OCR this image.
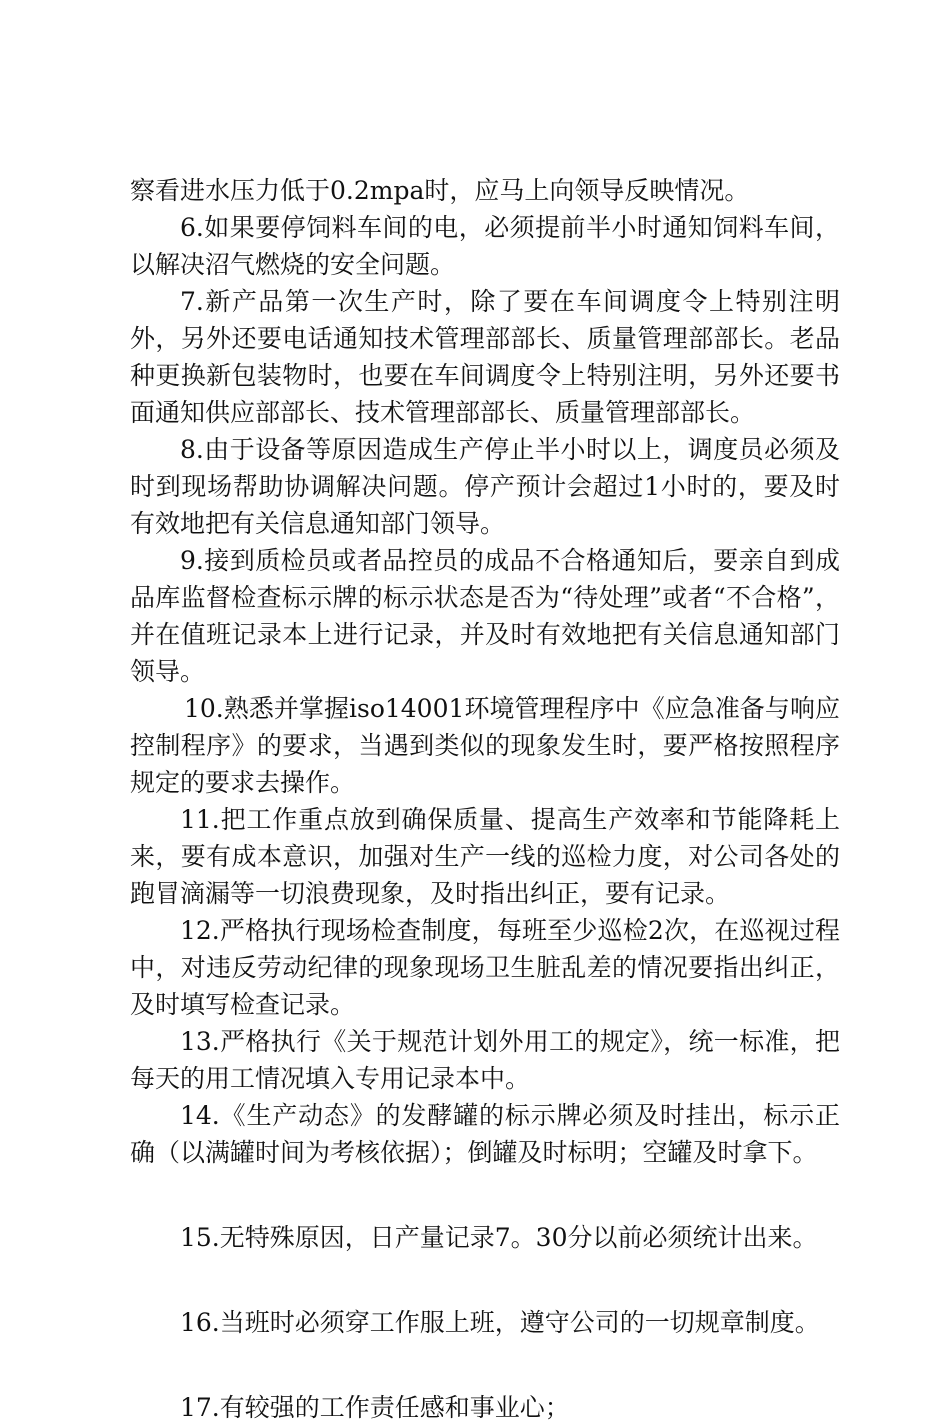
察看进水压力低于0.2mpa时，应马上向领导反映情况。

6.如果要停饲料车间的电，必须提前半小时通知饲料车间，以解决沼气燃烧的安全问题。

7.新产品第一次生产时，除了要在车间调度令上特别注明外，另外还要电话通知技术管理部部长、质量管理部部长。老品种更换新包装物时，也要在车间调度令上特别注明，另外还要书面通知供应部部长、技术管理部部长、质量管理部部长。

8.由于设备等原因造成生产停止半小时以上，调度员必须及时到现场帮助协调解决问题。停产预计会超过1小时的，要及时有效地把有关信息通知部门领导。

9.接到质检员或者品控员的成品不合格通知后，要亲自到成品库监督检查标示牌的标示状态是否为“待处理”或者“不合格”，并在值班记录本上进行记录，并及时有效地把有关信息通知部门领导。

10.熟悉并掌握iso14001环境管理程序中《应急准备与响应控制程序》的要求，当遇到类似的现象发生时，要严格按照程序规定的要求去操作。

11.把工作重点放到确保质量、提高生产效率和节能降耗上来，要有成本意识，加强对生产一线的巡检力度，对公司各处的跑冒滴漏等一切浪费现象，及时指出纠正，要有记录。

12.严格执行现场检查制度，每班至少巡检2次，在巡视过程中，对违反劳动纪律的现象现场卫生脏乱差的情况要指出纠正，及时填写检查记录。

13.严格执行《关于规范计划外用工的规定》，统一标准，把每天的用工情况填入专用记录本中。

14.《生产动态》的发酵罐的标示牌必须及时挂出，标示正确（以满罐时间为考核依据）；倒罐及时标明；空罐及时拿下。

15.无特殊原因，日产量记录7。30分以前必须统计出来。

16.当班时必须穿工作服上班，遵守公司的一切规章制度。

17.有较强的工作责任感和事业心；
